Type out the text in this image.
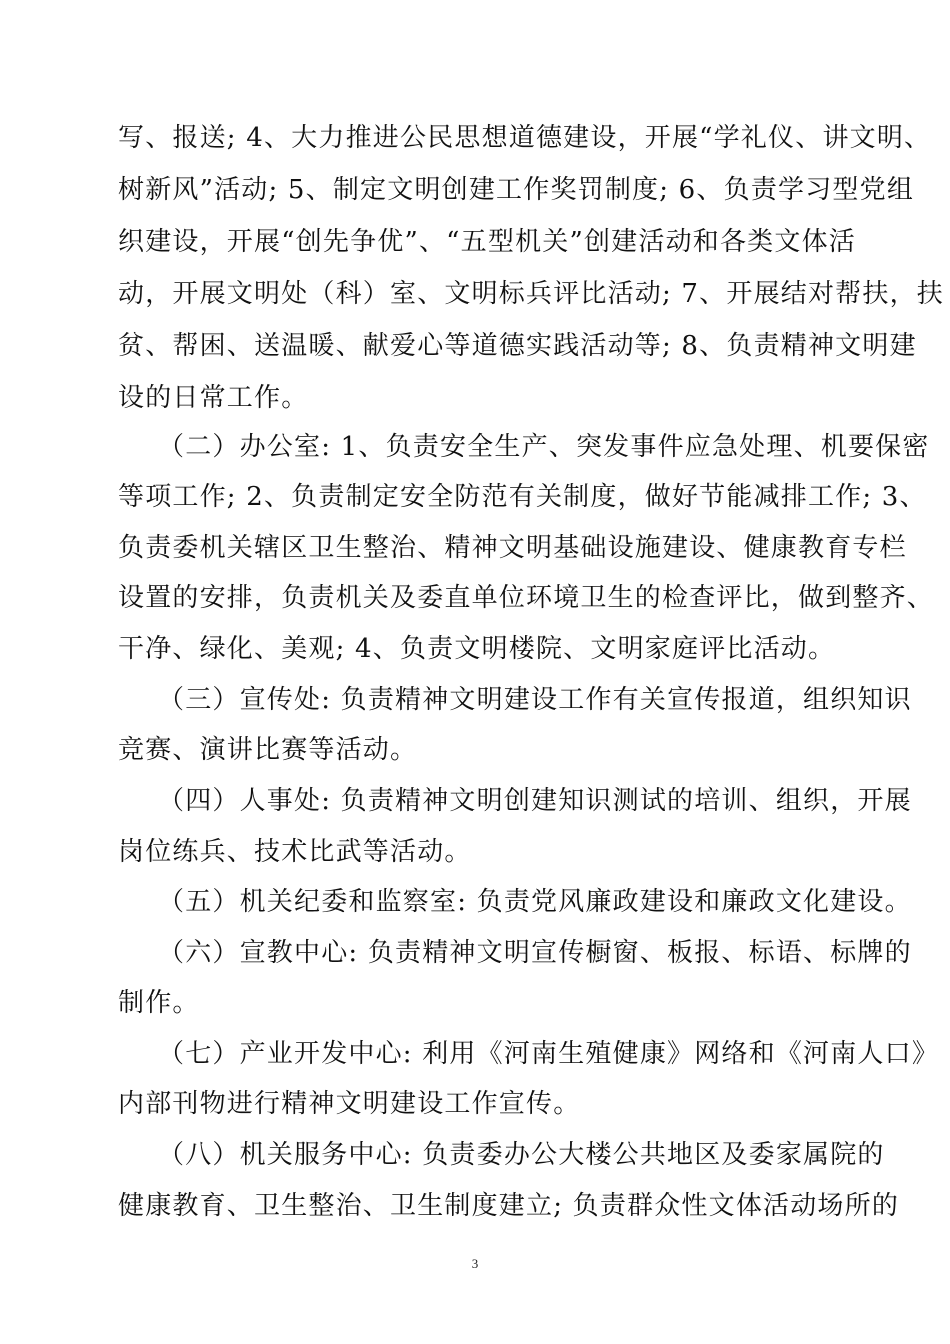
写、报送; 4、大力推进公民思想道德建设，开展“学礼仪、讲文明、
树新风”活动; 5、制定文明创建工作奖罚制度; 6、负责学习型党组
织建设，开展“创先争优”、“五型机关”创建活动和各类文体活
动，开展文明处（科）室、文明标兵评比活动; 7、开展结对帮扶，扶
贫、帮困、送温暖、献爱心等道德实践活动等; 8、负责精神文明建
设的日常工作。
（二）办公室: 1、负责安全生产、突发事件应急处理、机要保密
等项工作; 2、负责制定安全防范有关制度，做好节能减排工作; 3、
负责委机关辖区卫生整治、精神文明基础设施建设、健康教育专栏
设置的安排，负责机关及委直单位环境卫生的检查评比，做到整齐、
干净、绿化、美观; 4、负责文明楼院、文明家庭评比活动。
（三）宣传处: 负责精神文明建设工作有关宣传报道，组织知识
竞赛、演讲比赛等活动。
（四）人事处: 负责精神文明创建知识测试的培训、组织，开展
岗位练兵、技术比武等活动。
（五）机关纪委和监察室: 负责党风廉政建设和廉政文化建设。
（六）宣教中心: 负责精神文明宣传橱窗、板报、标语、标牌的
制作。
（七）产业开发中心: 利用《河南生殖健康》网络和《河南人口》
内部刊物进行精神文明建设工作宣传。
（八）机关服务中心: 负责委办公大楼公共地区及委家属院的
健康教育、卫生整治、卫生制度建立; 负责群众性文体活动场所的
3
